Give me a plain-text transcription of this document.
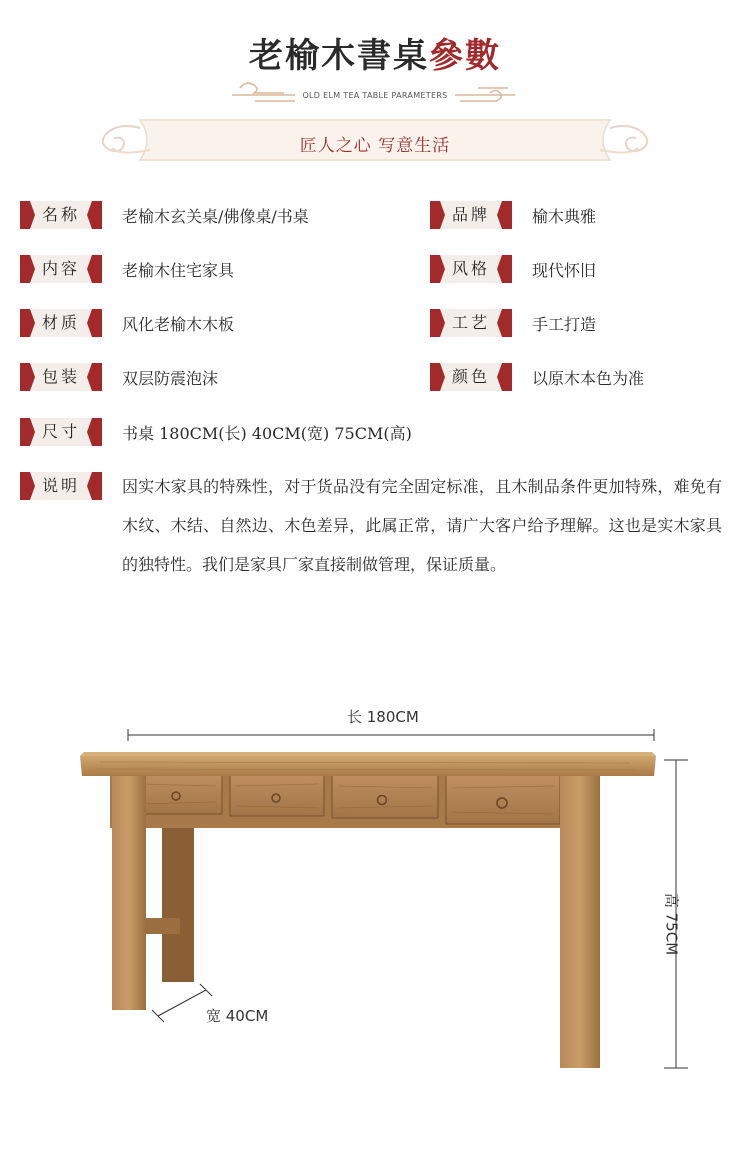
老榆木書桌參數
OLD ELM TEA TABLE PARAMETERS
匠人之心 写意生活
名称	老榆木玄关桌/佛像桌/书桌	品牌	榆木典雅
内容	老榆木住宅家具	风格	现代怀旧
材质	风化老榆木木板	工艺	手工打造
包装	双层防震泡沫	颜色	以原木本色为准
尺寸	书桌 180CM(长) 40CM(宽) 75CM(高)
说明	因实木家具的特殊性，对于货品没有完全固定标准，且木制品条件更加特殊，难免有木纹、木结、自然边、木色差异，此属正常，请广大客户给予理解。这也是实木家具的独特性。我们是家具厂家直接制做管理，保证质量。
长 180CM
宽 40CM
高 75CM
